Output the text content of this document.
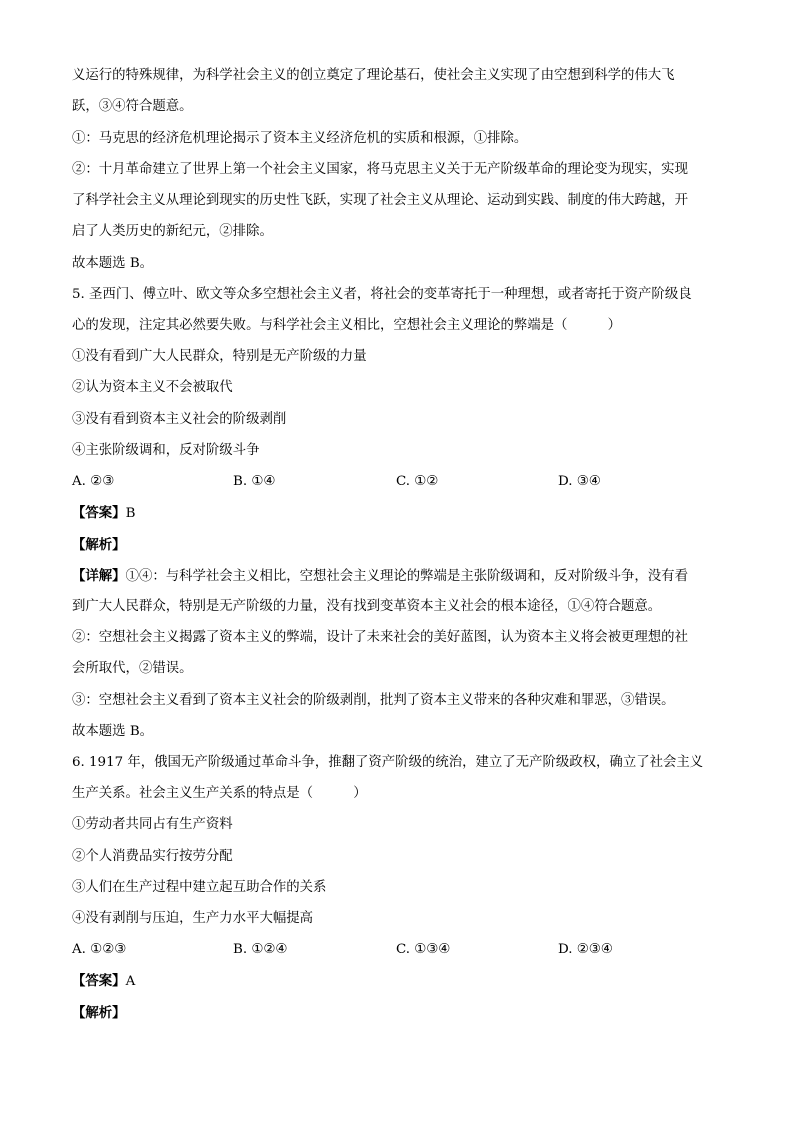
义运行的特殊规律，为科学社会主义的创立奠定了理论基石，使社会主义实现了由空想到科学的伟大飞
跃，③④符合题意。
①：马克思的经济危机理论揭示了资本主义经济危机的实质和根源，①排除。
②：十月革命建立了世界上第一个社会主义国家，将马克思主义关于无产阶级革命的理论变为现实，实现
了科学社会主义从理论到现实的历史性飞跃，实现了社会主义从理论、运动到实践、制度的伟大跨越，开
启了人类历史的新纪元，②排除。
故本题选 B。
5. 圣西门、傅立叶、欧文等众多空想社会主义者，将社会的变革寄托于一种理想，或者寄托于资产阶级良
心的发现，注定其必然要失败。与科学社会主义相比，空想社会主义理论的弊端是（　　　）
①没有看到广大人民群众，特别是无产阶级的力量
②认为资本主义不会被取代
③没有看到资本主义社会的阶级剥削
④主张阶级调和，反对阶级斗争
A. ②③	B. ①④	C. ①②	D. ③④
【答案】B
【解析】
【详解】①④：与科学社会主义相比，空想社会主义理论的弊端是主张阶级调和，反对阶级斗争，没有看
到广大人民群众，特别是无产阶级的力量，没有找到变革资本主义社会的根本途径，①④符合题意。
②：空想社会主义揭露了资本主义的弊端，设计了未来社会的美好蓝图，认为资本主义将会被更理想的社
会所取代，②错误。
③：空想社会主义看到了资本主义社会的阶级剥削，批判了资本主义带来的各种灾难和罪恶，③错误。
故本题选 B。
6. 1917 年，俄国无产阶级通过革命斗争，推翻了资产阶级的统治，建立了无产阶级政权，确立了社会主义
生产关系。社会主义生产关系的特点是（　　　）
①劳动者共同占有生产资料
②个人消费品实行按劳分配
③人们在生产过程中建立起互助合作的关系
④没有剥削与压迫，生产力水平大幅提高
A. ①②③	B. ①②④	C. ①③④	D. ②③④
【答案】A
【解析】
